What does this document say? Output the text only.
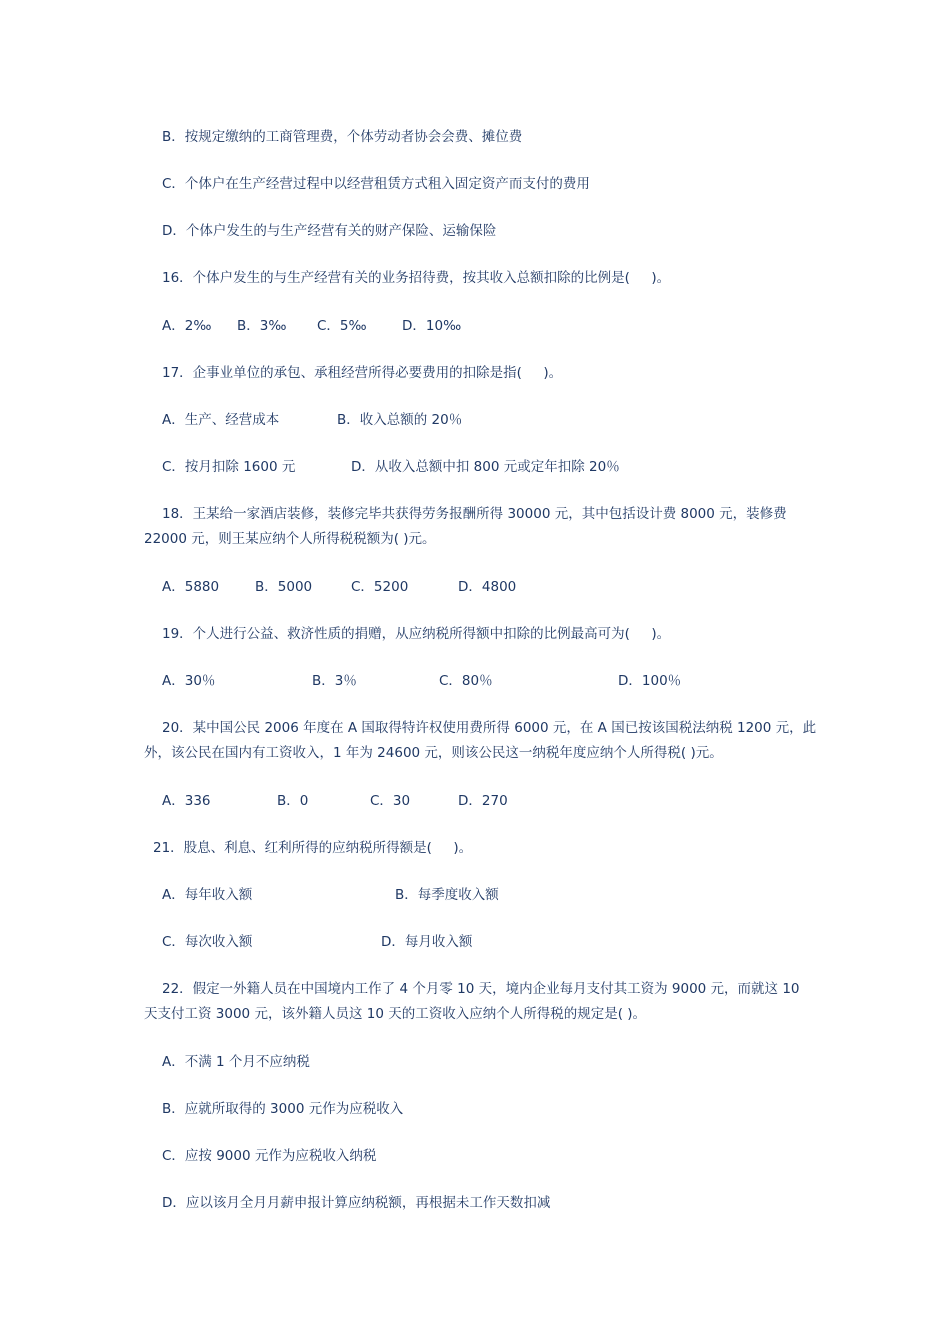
B．按规定缴纳的工商管理费，个体劳动者协会会费、摊位费
C．个体户在生产经营过程中以经营租赁方式租入固定资产而支付的费用
D．个体户发生的与生产经营有关的财产保险、运输保险
16．个体户发生的与生产经营有关的业务招待费，按其收入总额扣除的比例是(     )。
A．2‰ B．3‰ C．5‰	D．10‰
17．企事业单位的承包、承租经营所得必要费用的扣除是指(     )。
A．生产、经营成本	B．收入总额的 20％
C．按月扣除 1600 元	D．从收入总额中扣 800 元或定年扣除 20％
18．王某给一家酒店装修，装修完毕共获得劳务报酬所得 30000 元，其中包括设计费 8000 元，装修费 22000 元，则王某应纳个人所得税税额为( )元。
A．5880	B．5000	C．5200	D．4800
19．个人进行公益、救济性质的捐赠，从应纳税所得额中扣除的比例最高可为(     )。
A．30％	B．3％	C．80％	D．100％
20．某中国公民 2006 年度在 A 国取得特许权使用费所得 6000 元，在 A 国已按该国税法纳税 1200 元，此外，该公民在国内有工资收入，1 年为 24600 元，则该公民这一纳税年度应纳个人所得税( )元。
A．336	B．0	C．30	D．270
21．股息、利息、红利所得的应纳税所得额是(     )。
A．每年收入额	B．每季度收入额
C．每次收入额	D．每月收入额
22．假定一外籍人员在中国境内工作了 4 个月零 10 天，境内企业每月支付其工资为 9000 元，而就这 10 天支付工资 3000 元，该外籍人员这 10 天的工资收入应纳个人所得税的规定是( )。
A．不满 1 个月不应纳税
B．应就所取得的 3000 元作为应税收入
C．应按 9000 元作为应税收入纳税
D．应以该月全月月薪申报计算应纳税额，再根据未工作天数扣减
